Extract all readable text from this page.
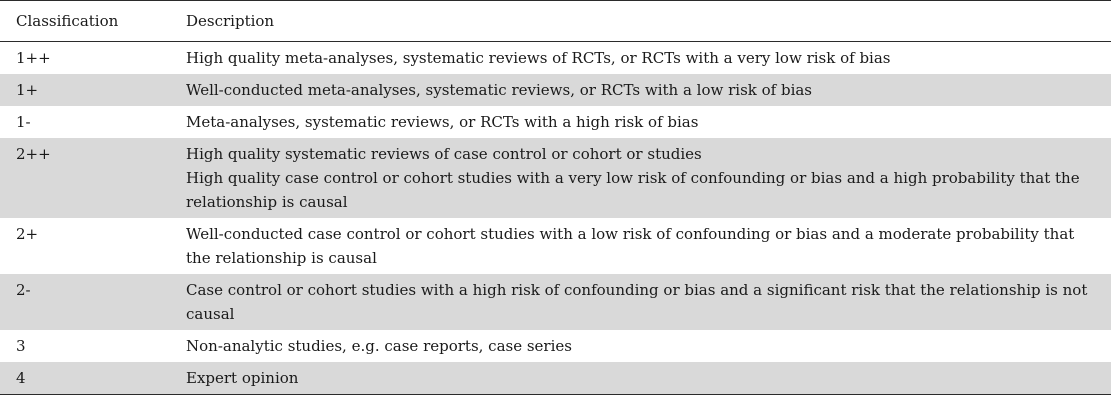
Classification	Description
1++	High quality meta-analyses, systematic reviews of RCTs, or RCTs with a very low risk of bias
1+	Well-conducted meta-analyses, systematic reviews, or RCTs with a low risk of bias
1-	Meta-analyses, systematic reviews, or RCTs with a high risk of bias
2++	High quality systematic reviews of case control or cohort or studies
High quality case control or cohort studies with a very low risk of confounding or bias and a high probability that the relationship is causal
2+	Well-conducted case control or cohort studies with a low risk of confounding or bias and a moderate probability that the relationship is causal
2-	Case control or cohort studies with a high risk of confounding or bias and a significant risk that the relationship is not causal
3	Non-analytic studies, e.g. case reports, case series
4	Expert opinion
